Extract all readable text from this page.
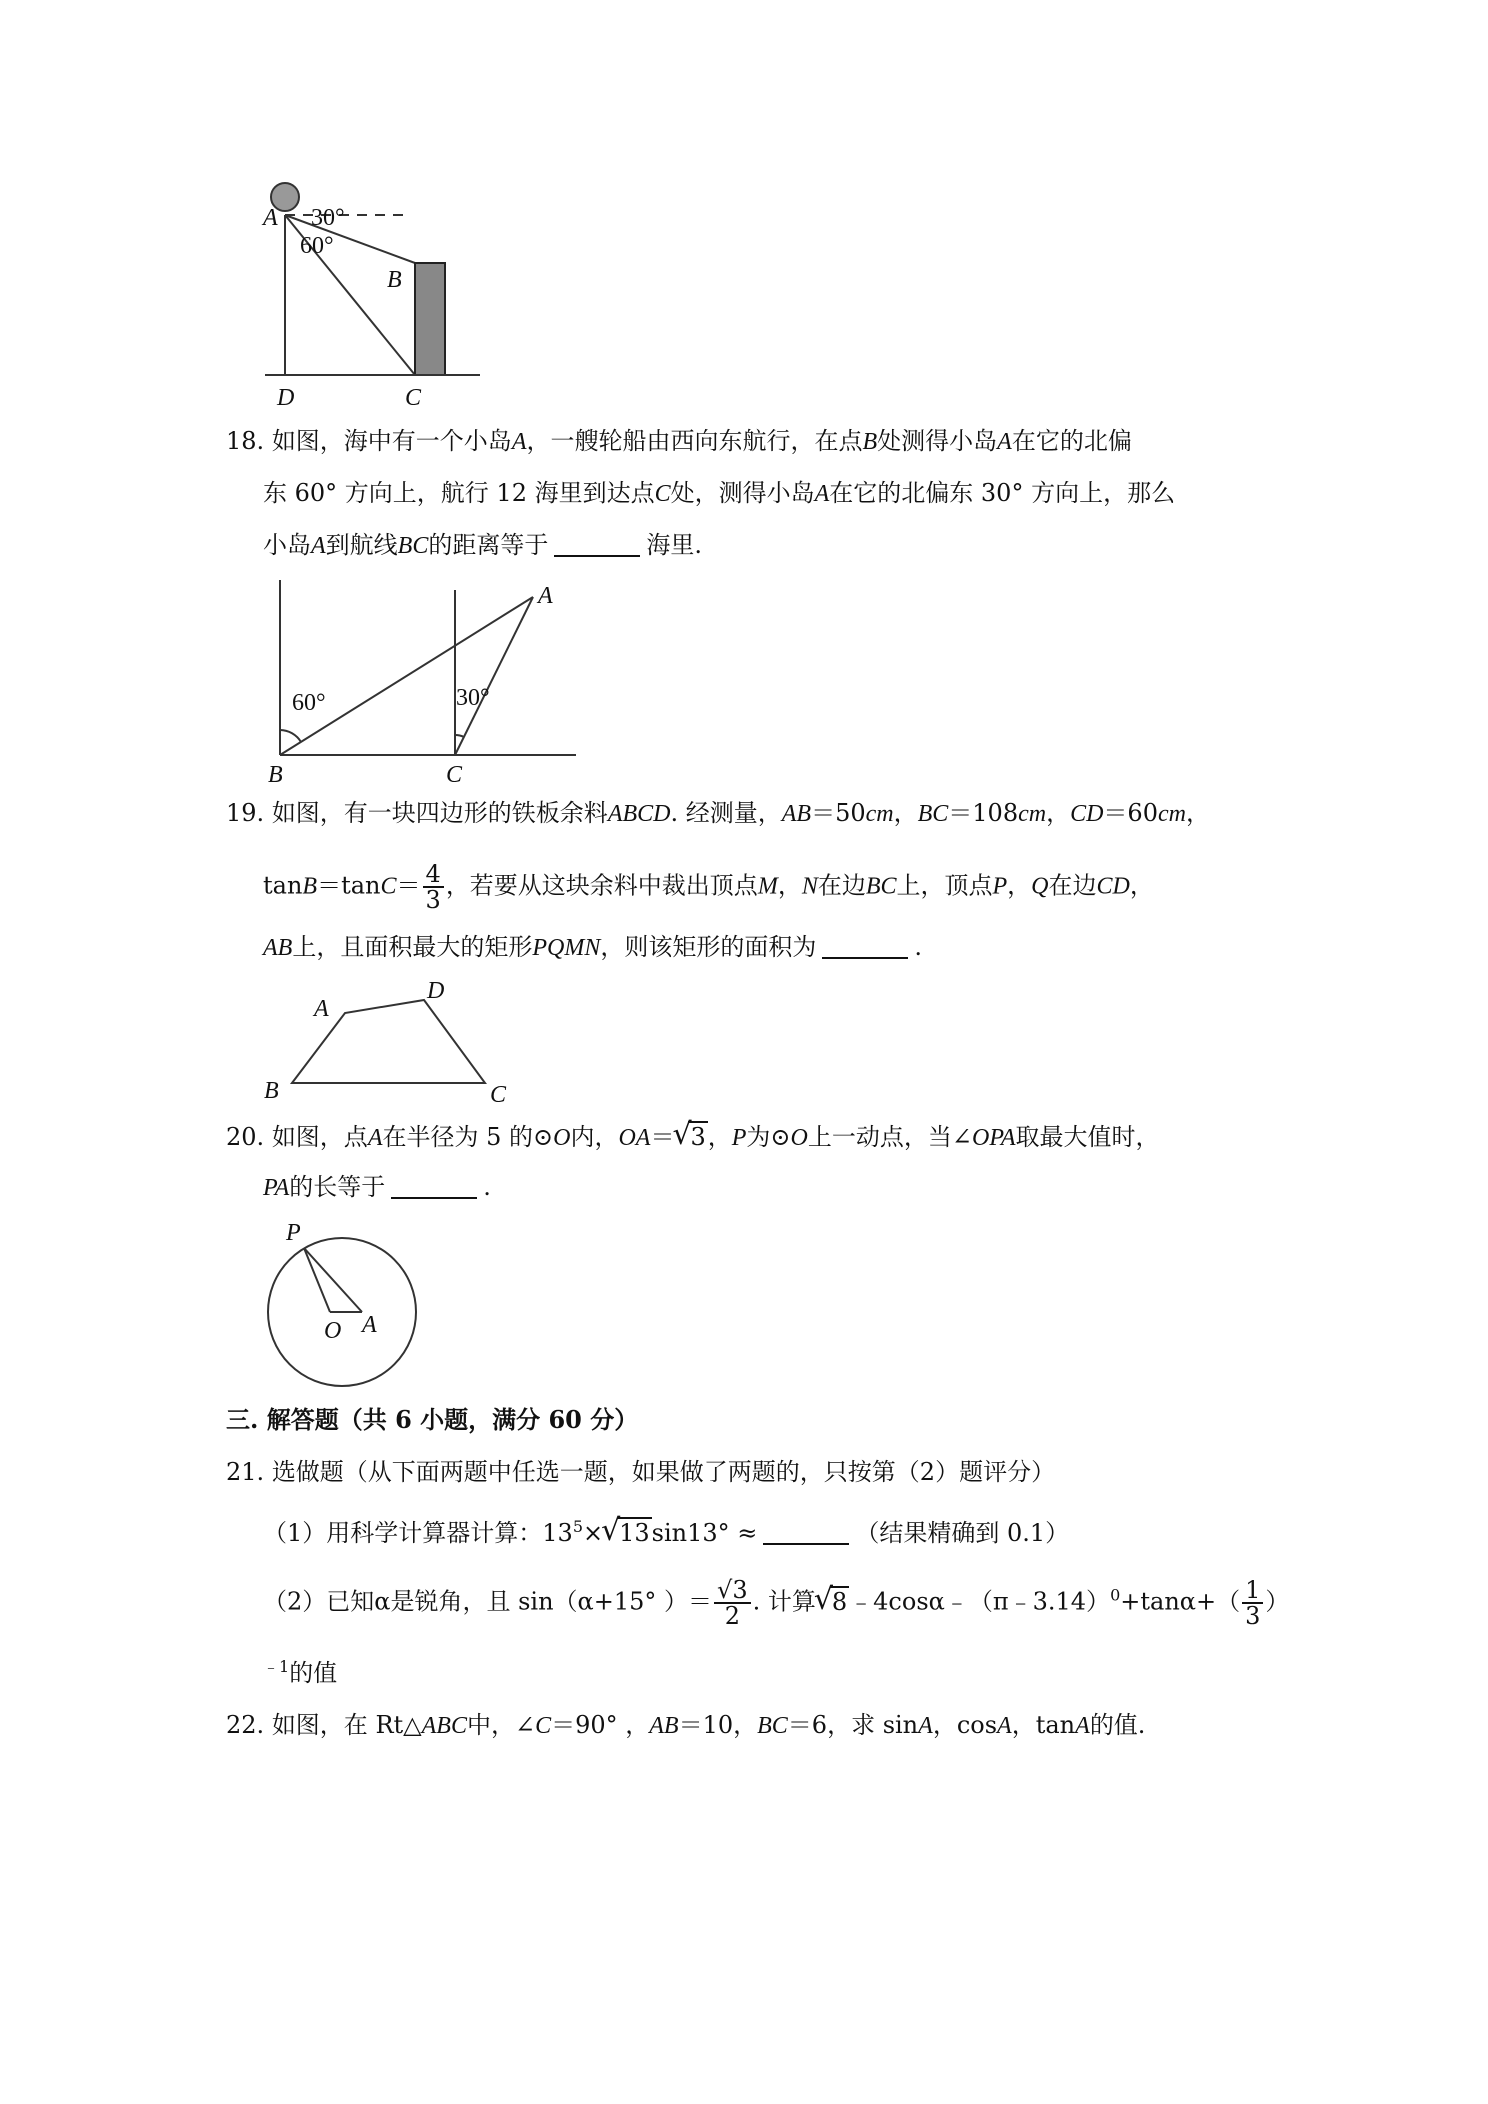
A
B
C
D
30°
60°
18. 如图，海中有一个小岛A，一艘轮船由西向东航行，在点B处测得小岛A在它的北偏
东 60° 方向上，航行 12 海里到达点C处，测得小岛A在它的北偏东 30° 方向上，那么
小岛A到航线BC的距离等于	海里.
A
B	C
60°	30°
19. 如图，有一块四边形的铁板余料ABCD. 经测量，AB＝50cm，BC＝108cm，CD＝60cm，
$\tan B=\tan C= \frac{4}{3}$ ，若要从这块余料中裁出顶点M，N在边BC上，顶点P，Q在边CD，
AB上，且面积最大的矩形PQMN，则该矩形的面积为	.
A
B	C
D
20. 如图，点A在半径为 5 的⊙O内，OA＝√ 3，P为⊙O上一动点，当∠OPA取最大值时，
PA的长等于	.
P
O A
三. 解答题（共 6 小题，满分 60 分）
21. 选做题（从下面两题中任选一题，如果做了两题的，只按第（2）题评分）
（1）用科学计算器计算：$13^5\times√$ 13sin13° ≈	（结果精确到 0.1）
（2）已知α是锐角，且 sin（α+15° ）＝ $\frac{√3}{2}$ . 计算√ 8﹣4cosα﹣（π﹣3.14）$^0$+tanα+（ $\frac{1}{3}$ ）
$^{﹣1}$的值
22. 如图，在 Rt△ABC中，∠C＝90° ，AB＝10，BC＝6，求 sinA，cosA，tanA的值.
